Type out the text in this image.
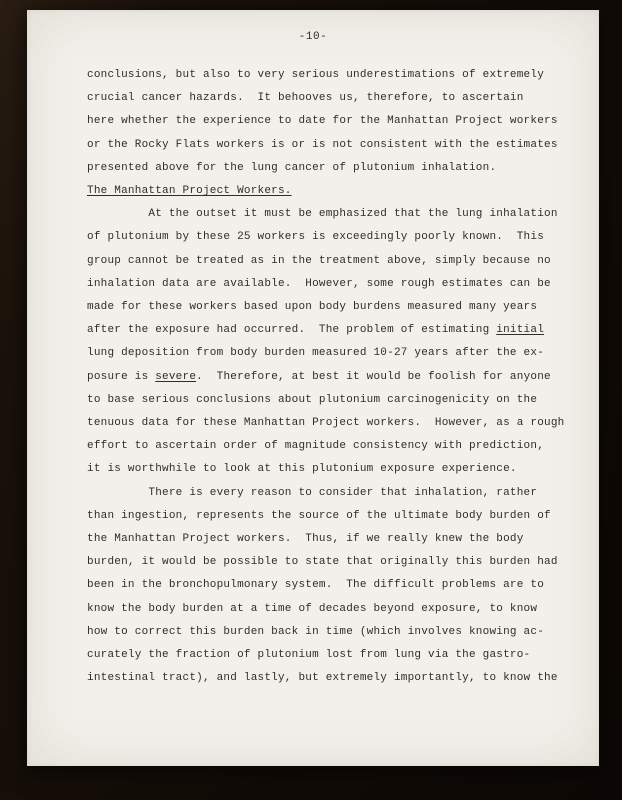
-10-
conclusions, but also to very serious underestimations of extremely
crucial cancer hazards.  It behooves us, therefore, to ascertain
here whether the experience to date for the Manhattan Project workers
or the Rocky Flats workers is or is not consistent with the estimates
presented above for the lung cancer of plutonium inhalation.
The Manhattan Project Workers.
At the outset it must be emphasized that the lung inhalation
of plutonium by these 25 workers is exceedingly poorly known.  This
group cannot be treated as in the treatment above, simply because no
inhalation data are available.  However, some rough estimates can be
made for these workers based upon body burdens measured many years
after the exposure had occurred.  The problem of estimating initial
lung deposition from body burden measured 10-27 years after the ex-
posure is severe.  Therefore, at best it would be foolish for anyone
to base serious conclusions about plutonium carcinogenicity on the
tenuous data for these Manhattan Project workers.  However, as a rough
effort to ascertain order of magnitude consistency with prediction,
it is worthwhile to look at this plutonium exposure experience.
There is every reason to consider that inhalation, rather
than ingestion, represents the source of the ultimate body burden of
the Manhattan Project workers.  Thus, if we really knew the body
burden, it would be possible to state that originally this burden had
been in the bronchopulmonary system.  The difficult problems are to
know the body burden at a time of decades beyond exposure, to know
how to correct this burden back in time (which involves knowing ac-
curately the fraction of plutonium lost from lung via the gastro-
intestinal tract), and lastly, but extremely importantly, to know the
